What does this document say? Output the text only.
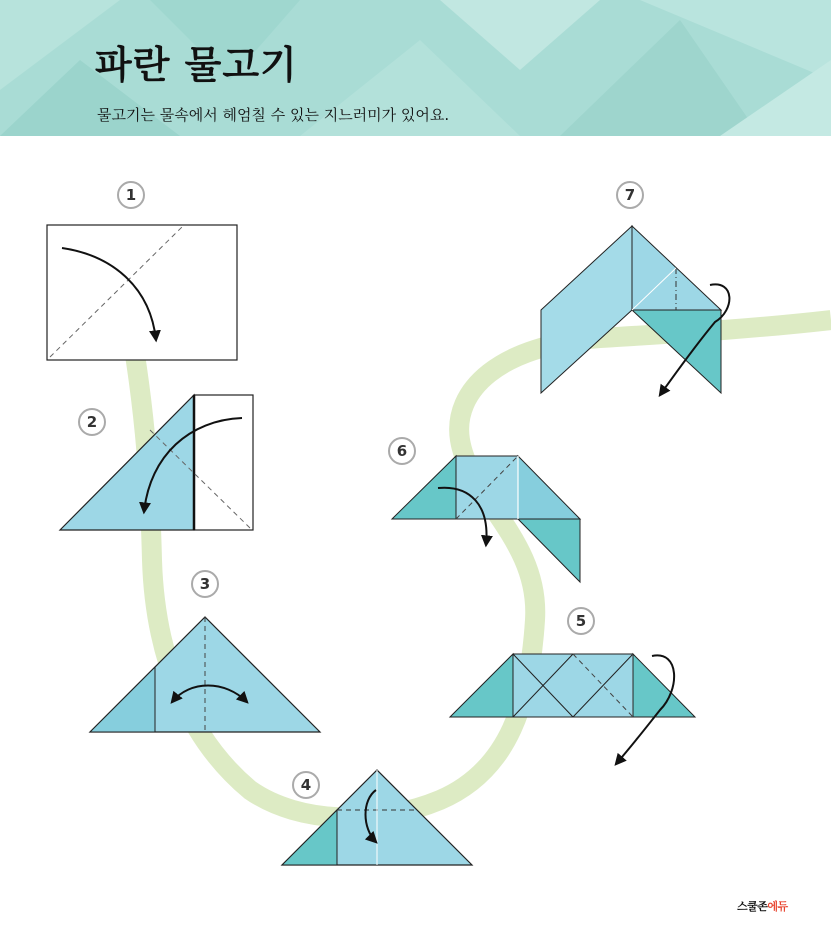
파란 물고기

물고기는 물속에서 헤엄칠 수 있는 지느러미가 있어요.

1
2
3
4
5
6
7
스쿨존에듀
